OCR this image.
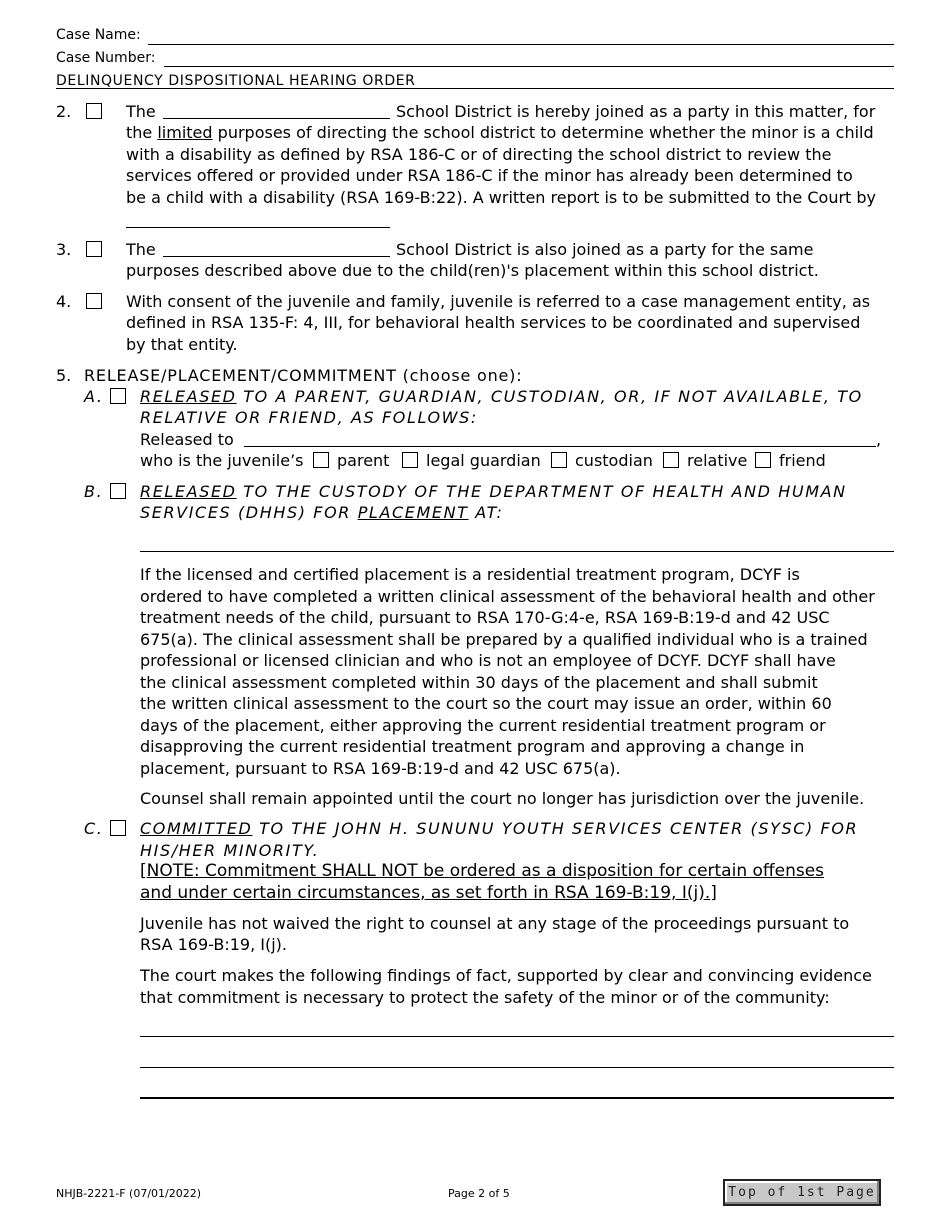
Case Name:
Case Number:
DELINQUENCY DISPOSITIONAL HEARING ORDER
2.	The	School District is hereby joined as a party in this matter, for
the limited purposes of directing the school district to determine whether the minor is a child
with a disability as defined by RSA 186-C or of directing the school district to review the
services offered or provided under RSA 186-C if the minor has already been determined to
be a child with a disability (RSA 169-B:22). A written report is to be submitted to the Court by
3.	The	School District is also joined as a party for the same
purposes described above due to the child(ren)'s placement within this school district.
4.	With consent of the juvenile and family, juvenile is referred to a case management entity, as
defined in RSA 135-F: 4, III, for behavioral health services to be coordinated and supervised
by that entity.
5. RELEASE/PLACEMENT/COMMITMENT (choose one):
A. RELEASED TO A PARENT, GUARDIAN, CUSTODIAN, OR, IF NOT AVAILABLE, TO
RELATIVE OR FRIEND, AS FOLLOWS:
Released to	,
who is the juvenile’s parent legal guardian custodian relative friend
B. RELEASED TO THE CUSTODY OF THE DEPARTMENT OF HEALTH AND HUMAN
SERVICES (DHHS) FOR PLACEMENT AT:
If the licensed and certified placement is a residential treatment program, DCYF is
ordered to have completed a written clinical assessment of the behavioral health and other
treatment needs of the child, pursuant to RSA 170-G:4-e, RSA 169-B:19-d and 42 USC
675(a). The clinical assessment shall be prepared by a qualified individual who is a trained
professional or licensed clinician and who is not an employee of DCYF. DCYF shall have
the clinical assessment completed within 30 days of the placement and shall submit
the written clinical assessment to the court so the court may issue an order, within 60
days of the placement, either approving the current residential treatment program or
disapproving the current residential treatment program and approving a change in
placement, pursuant to RSA 169-B:19-d and 42 USC 675(a).
Counsel shall remain appointed until the court no longer has jurisdiction over the juvenile.
C. COMMITTED TO THE JOHN H. SUNUNU YOUTH SERVICES CENTER (SYSC) FOR
HIS/HER MINORITY.
[NOTE: Commitment SHALL NOT be ordered as a disposition for certain offenses
and under certain circumstances, as set forth in RSA 169-B:19, I(j).]
Juvenile has not waived the right to counsel at any stage of the proceedings pursuant to
RSA 169-B:19, I(j).
The court makes the following findings of fact, supported by clear and convincing evidence
that commitment is necessary to protect the safety of the minor or of the community:
NHJB-2221-F (07/01/2022)	Page 2 of 5	Top of 1st Page
